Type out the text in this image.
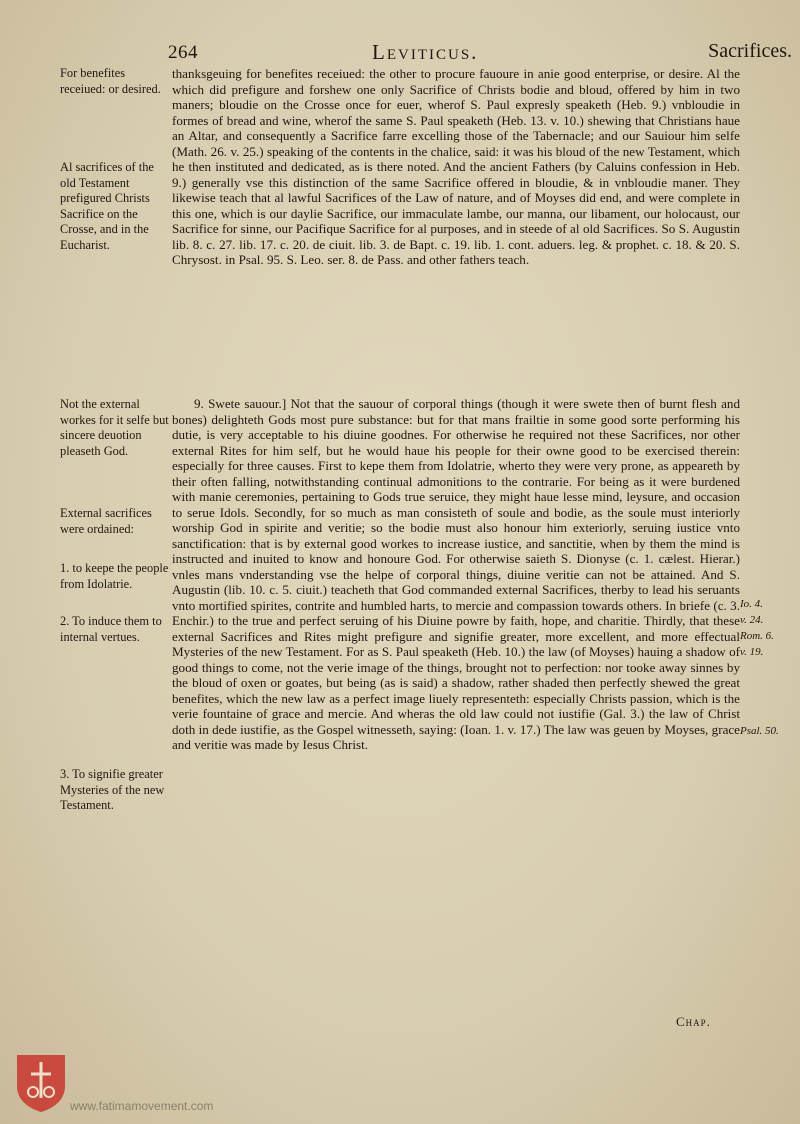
264	Leviticus.	Sacrifices.
For benefites receiued: or desired.
Al sacrifices of the old Testament prefigured Christs Sacrifice on the Crosse, and in the Eucharist.
Not the external workes for it selfe but sincere deuotion pleaseth God.
External sacrifices were ordained:
1. to keepe the people from Idolatrie.
2. To induce them to internal vertues.
3. To signifie greater Mysteries of the new Testament.
Io. 4.
v. 24.
Rom. 6.
v. 19.
Psal. 50.

thanksgeuing for benefites receiued: the other to procure fauoure in anie good enterprise, or desire. Al the which did prefigure and forshew one only Sacrifice of Christs bodie and bloud, offered by him in two maners; bloudie on the Crosse once for euer, wherof S. Paul expresly speaketh (Heb. 9.) vnbloudie in formes of bread and wine, wherof the same S. Paul speaketh (Heb. 13. v. 10.) shewing that Christians haue an Altar, and consequently a Sacrifice farre excelling those of the Tabernacle; and our Sauiour him selfe (Math. 26. v. 25.) speaking of the contents in the chalice, said: it was his bloud of the new Testament, which he then instituted and dedicated, as is there noted. And the ancient Fathers (by Caluins confession in Heb. 9.) generally vse this distinction of the same Sacrifice offered in bloudie, & in vnbloudie maner. They likewise teach that al lawful Sacrifices of the Law of nature, and of Moyses did end, and were complete in this one, which is our daylie Sacrifice, our immaculate lambe, our manna, our libament, our holocaust, our Sacrifice for sinne, our Pacifique Sacrifice for al purposes, and in steede of al old Sacrifices. So S. Augustin lib. 8. c. 27. lib. 17. c. 20. de ciuit. lib. 3. de Bapt. c. 19. lib. 1. cont. aduers. leg. & prophet. c. 18. & 20. S. Chrysost. in Psal. 95. S. Leo. ser. 8. de Pass. and other fathers teach.

9. Swete sauour.] Not that the sauour of corporal things (though it were swete then of burnt flesh and bones) delighteth Gods most pure substance: but for that mans frailtie in some good sorte performing his dutie, is very acceptable to his diuine goodnes. For otherwise he required not these Sacrifices, nor other external Rites for him self, but he would haue his people for their owne good to be exercised therein: especially for three causes. First to kepe them from Idolatrie, wherto they were very prone, as appeareth by their often falling, notwithstanding continual admonitions to the contrarie. For being as it were burdened with manie ceremonies, pertaining to Gods true seruice, they might haue lesse mind, leysure, and occasion to serue Idols. Secondly, for so much as man consisteth of soule and bodie, as the soule must interiorly worship God in spirite and veritie; so the bodie must also honour him exteriorly, seruing iustice vnto sanctification: that is by external good workes to increase iustice, and sanctitie, when by them the mind is instructed and inuited to know and honoure God. For otherwise saieth S. Dionyse (c. 1. cælest. Hierar.) vnles mans vnderstanding vse the helpe of corporal things, diuine veritie can not be attained. And S. Augustin (lib. 10. c. 5. ciuit.) teacheth that God commanded external Sacrifices, therby to lead his seruants vnto mortified spirites, contrite and humbled harts, to mercie and compassion towards others. In briefe (c. 3. Enchir.) to the true and perfect seruing of his Diuine powre by faith, hope, and charitie. Thirdly, that these external Sacrifices and Rites might prefigure and signifie greater, more excellent, and more effectual Mysteries of the new Testament. For as S. Paul speaketh (Heb. 10.) the law (of Moyses) hauing a shadow of good things to come, not the verie image of the things, brought not to perfection: nor tooke away sinnes by the bloud of oxen or goates, but being (as is said) a shadow, rather shaded then perfectly shewed the great benefites, which the new law as a perfect image liuely representeth: especially Christs passion, which is the verie fountaine of grace and mercie. And wheras the old law could not iustifie (Gal. 3.) the law of Christ doth in dede iustifie, as the Gospel witnesseth, saying: (Ioan. 1. v. 17.) The law was geuen by Moyses, grace and veritie was made by Iesus Christ.

Chap.
www.fatimamovement.com
